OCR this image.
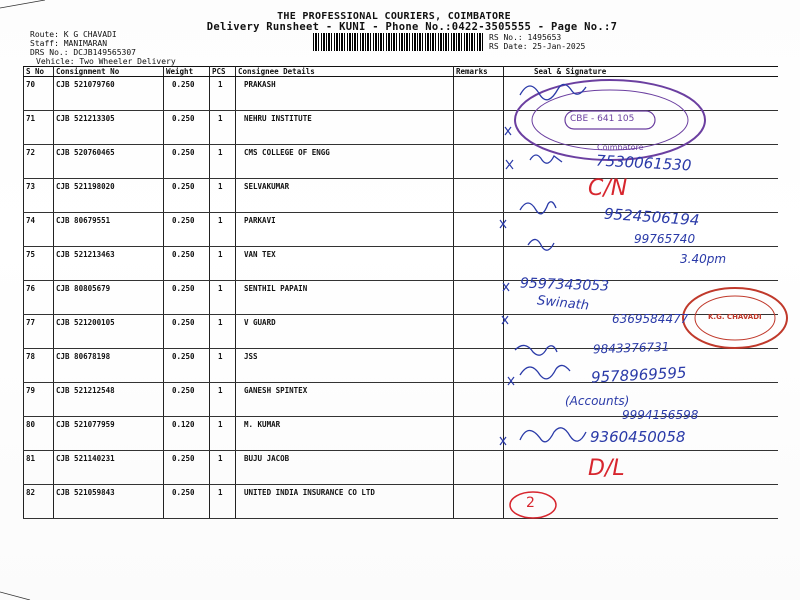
THE PROFESSIONAL COURIERS, COIMBATORE
Delivery Runsheet - KUNI - Phone No.:0422-3505555 - Page No.:7
Route: K G CHAVADI
Staff: MANIMARAN
DRS No.: DCJB149565307
Vehicle: Two Wheeler Delivery
RS No.: 1495653
RS Date: 25-Jan-2025
S No	Consignment No	Weight	PCS	Consignee Details	Remarks	Seal & Signature
70	CJB 521079760	0.250	1	PRAKASH		
71	CJB 521213305	0.250	1	NEHRU INSTITUTE		
72	CJB 520760465	0.250	1	CMS COLLEGE OF ENGG		
73	CJB 521198020	0.250	1	SELVAKUMAR		
74	CJB 80679551	0.250	1	PARKAVI		
75	CJB 521213463	0.250	1	VAN TEX		
76	CJB 80805679	0.250	1	SENTHIL PAPAIN		
77	CJB 521200105	0.250	1	V GUARD		
78	CJB 80678198	0.250	1	JSS		
79	CJB 521212548	0.250	1	GANESH SPINTEX		
80	CJB 521077959	0.120	1	M. KUMAR		
81	CJB 521140231	0.250	1	BUJU JACOB		
82	CJB 521059843	0.250	1	UNITED INDIA INSURANCE CO LTD		
CBE - 641 105
Coimbatore
K.G. CHAVADI
7530061530
C/N
9524506194
99765740
3.40pm
9597343053
Swinath
6369584477
9843376731
9578969595
(Accounts)
9994156598
9360450058
D/L
2
